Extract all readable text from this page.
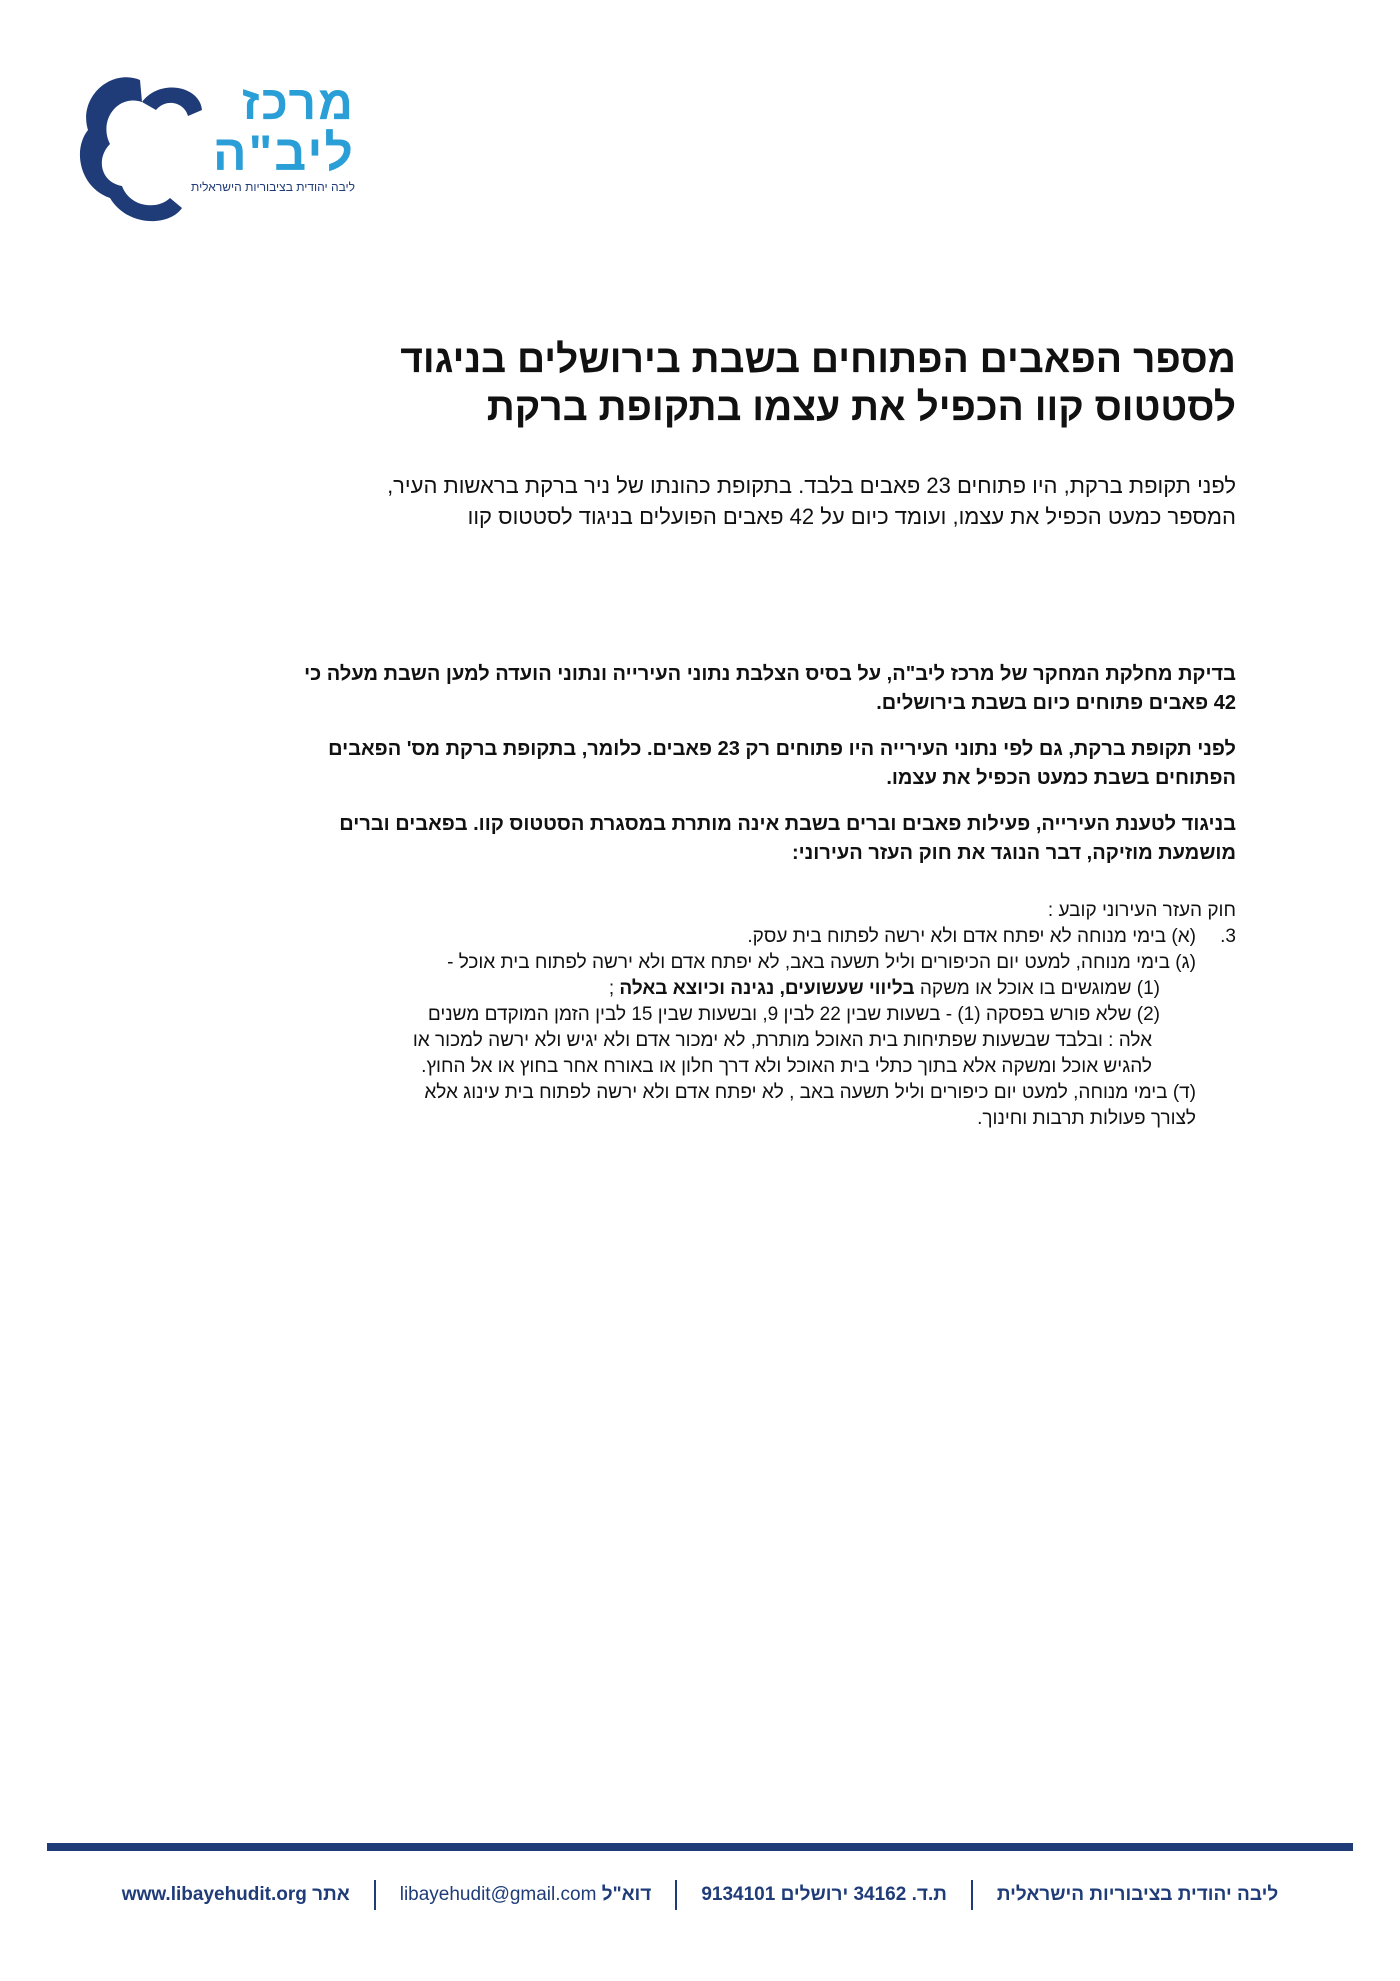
מרכז
ליב"ה
ליבה יהודית בציבוריות הישראלית
מספר הפאבים הפתוחים בשבת בירושלים בניגוד
לסטטוס קוו הכפיל את עצמו בתקופת ברקת
לפני תקופת ברקת, היו פתוחים 23 פאבים בלבד. בתקופת כהונתו של ניר ברקת בראשות העיר,
המספר כמעט הכפיל את עצמו, ועומד כיום על 42 פאבים הפועלים בניגוד לסטטוס קוו

בדיקת מחלקת המחקר של מרכז ליב"ה, על בסיס הצלבת נתוני העירייה ונתוני הועדה למען השבת מעלה כי
42 פאבים פתוחים כיום בשבת בירושלים.

לפני תקופת ברקת, גם לפי נתוני העירייה היו פתוחים רק 23 פאבים. כלומר, בתקופת ברקת מס' הפאבים
הפתוחים בשבת כמעט הכפיל את עצמו.

בניגוד לטענת העירייה, פעילות פאבים וברים בשבת אינה מותרת במסגרת הסטטוס קוו. בפאבים וברים
מושמעת מוזיקה, דבר הנוגד את חוק העזר העירוני:

חוק העזר העירוני קובע :
3.(א) בימי מנוחה לא יפתח אדם ולא ירשה לפתוח בית עסק.
(ג) בימי מנוחה, למעט יום הכיפורים וליל תשעה באב, לא יפתח אדם ולא ירשה לפתוח בית אוכל -
(1) שמוגשים בו אוכל או משקה בליווי שעשועים, נגינה וכיוצא באלה ;
(2) שלא פורש בפסקה (1) - בשעות שבין 22 לבין 9, ובשעות שבין 15 לבין הזמן המוקדם משנים
אלה : ובלבד שבשעות שפתיחות בית האוכל מותרת, לא ימכור אדם ולא יגיש ולא ירשה למכור או
להגיש אוכל ומשקה אלא בתוך כתלי בית האוכל ולא דרך חלון או באורח אחר בחוץ או אל החוץ.
(ד) בימי מנוחה, למעט יום כיפורים וליל תשעה באב , לא יפתח אדם ולא ירשה לפתוח בית עינוג אלא
לצורך פעולות תרבות וחינוך.
ליבה יהודית בציבוריות הישראלית
ת.ד. 34162 ירושלים 9134101
דוא"ל libayehudit@gmail.com
אתר www.libayehudit.org
